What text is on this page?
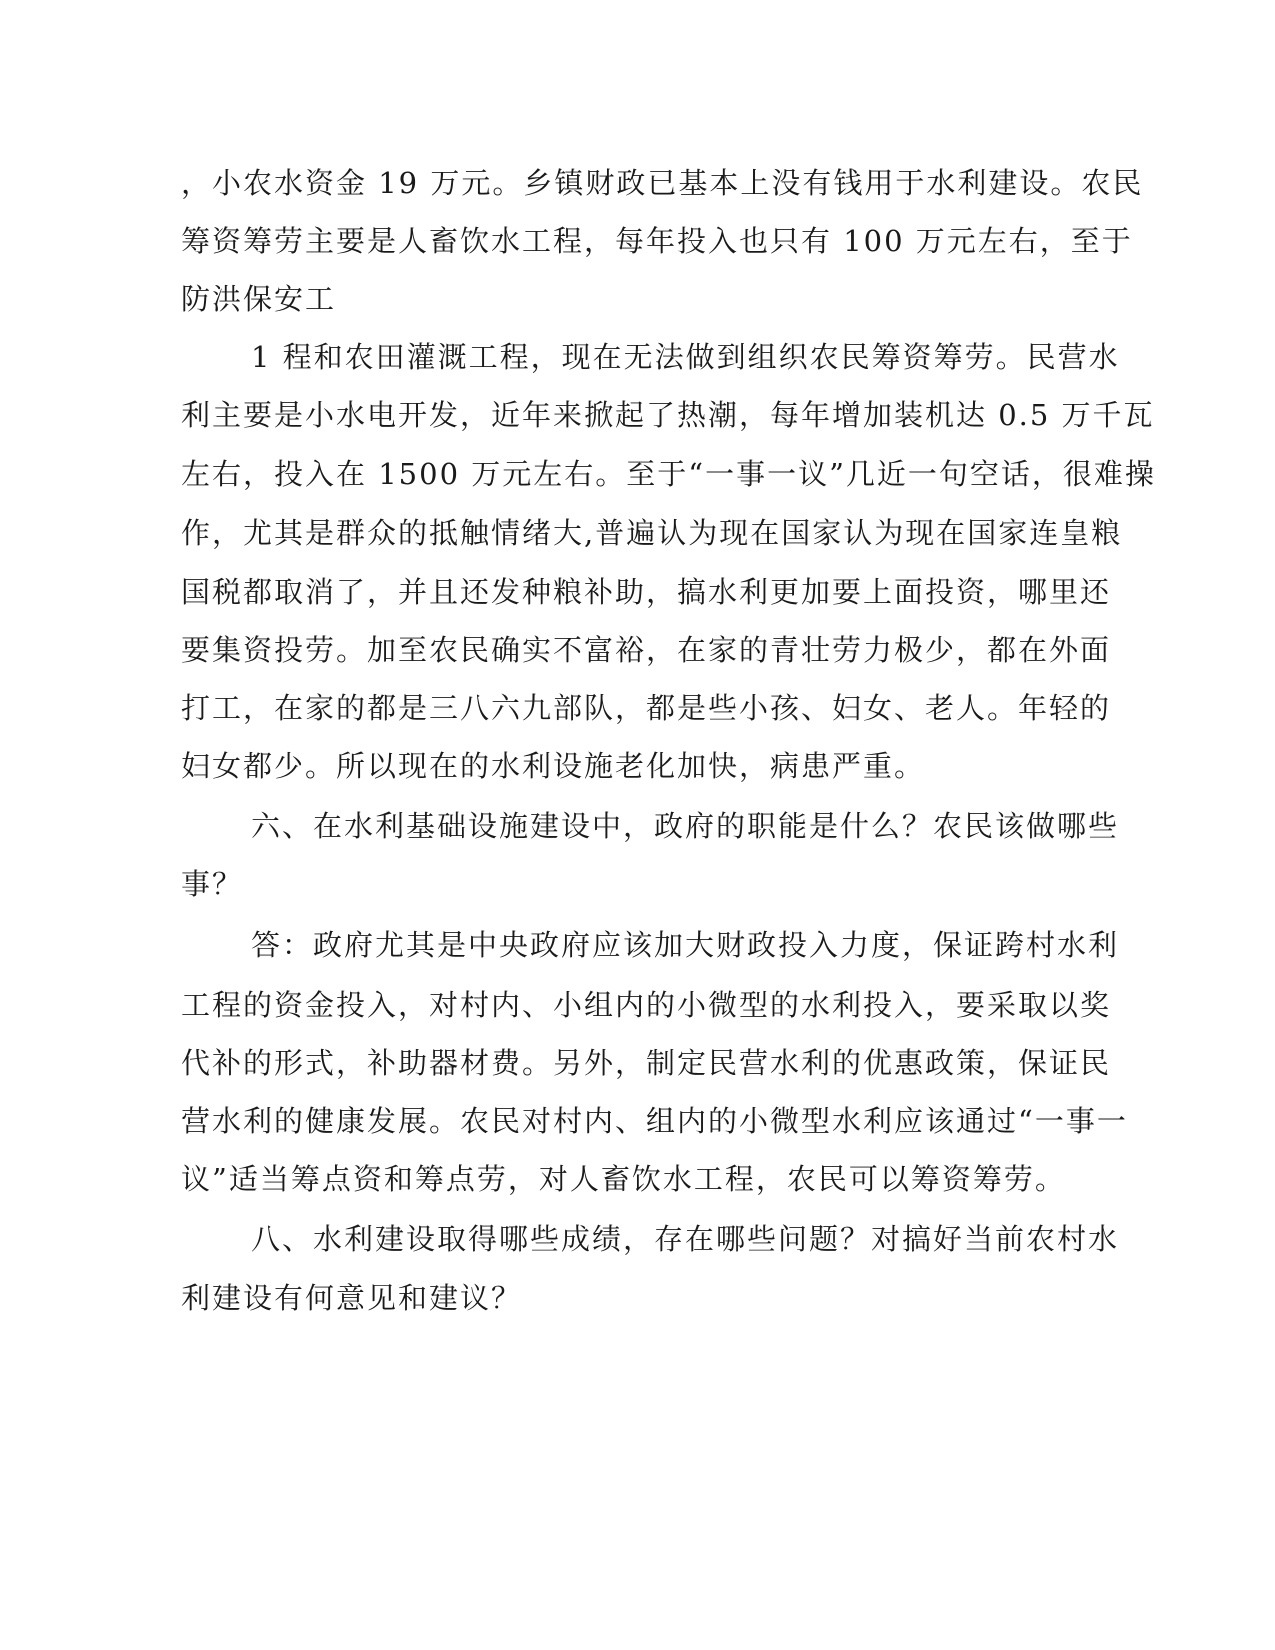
，小农水资金 19 万元。乡镇财政已基本上没有钱用于水利建设。农民
筹资筹劳主要是人畜饮水工程，每年投入也只有 100 万元左右，至于
防洪保安工
1 程和农田灌溉工程，现在无法做到组织农民筹资筹劳。民营水
利主要是小水电开发，近年来掀起了热潮，每年增加装机达 0.5 万千瓦
左右，投入在 1500 万元左右。至于“一事一议”几近一句空话，很难操
作，尤其是群众的抵触情绪大,普遍认为现在国家认为现在国家连皇粮
国税都取消了，并且还发种粮补助，搞水利更加要上面投资，哪里还
要集资投劳。加至农民确实不富裕，在家的青壮劳力极少，都在外面
打工，在家的都是三八六九部队，都是些小孩、妇女、老人。年轻的
妇女都少。所以现在的水利设施老化加快，病患严重。
六、在水利基础设施建设中，政府的职能是什么？农民该做哪些
事？
答：政府尤其是中央政府应该加大财政投入力度，保证跨村水利
工程的资金投入，对村内、小组内的小微型的水利投入，要采取以奖
代补的形式，补助器材费。另外，制定民营水利的优惠政策，保证民
营水利的健康发展。农民对村内、组内的小微型水利应该通过“一事一
议”适当筹点资和筹点劳，对人畜饮水工程，农民可以筹资筹劳。
八、水利建设取得哪些成绩，存在哪些问题？对搞好当前农村水
利建设有何意见和建议？
